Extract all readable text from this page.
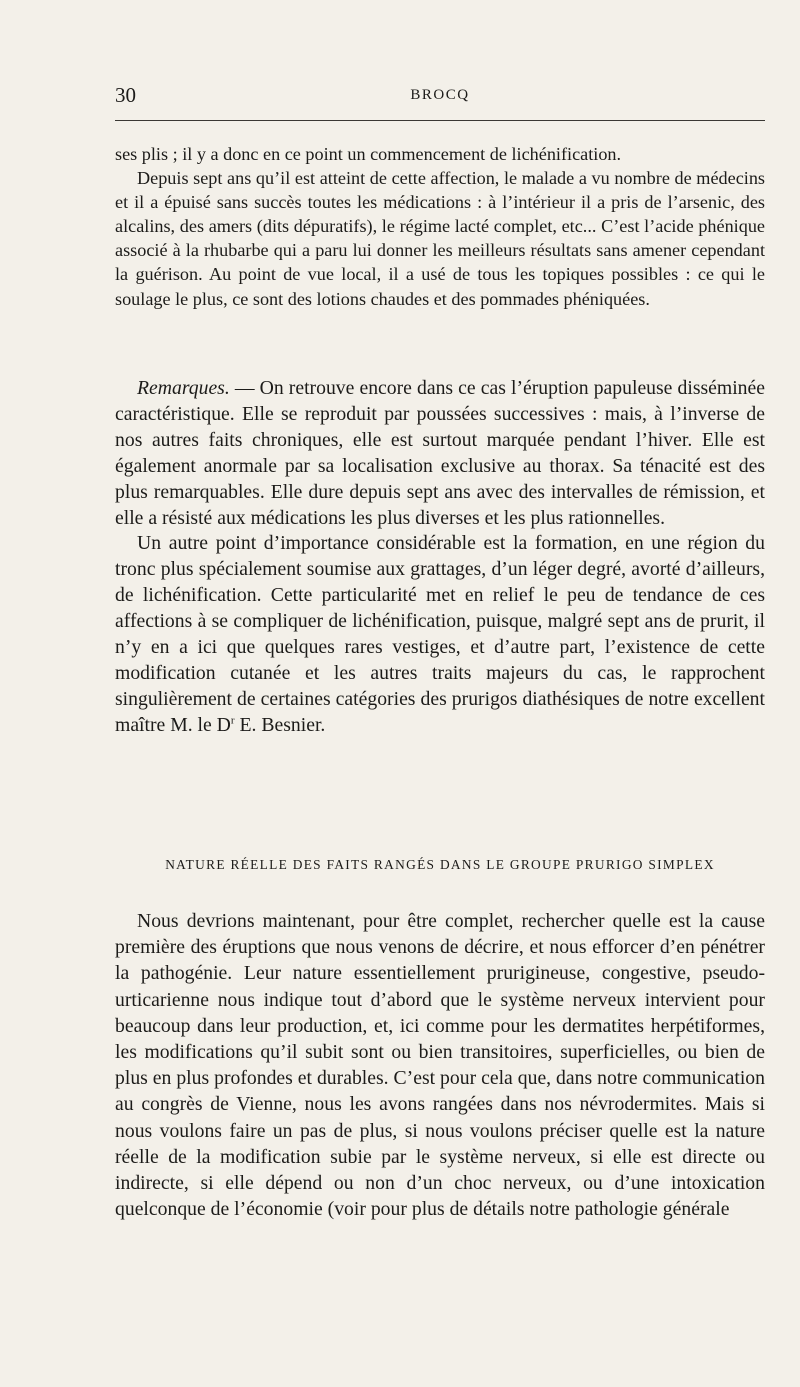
30	BROCQ

ses plis ; il y a donc en ce point un commencement de lichénification.

Depuis sept ans qu’il est atteint de cette affection, le malade a vu nombre de médecins et il a épuisé sans succès toutes les médications : à l’intérieur il a pris de l’arsenic, des alcalins, des amers (dits dépuratifs), le régime lacté complet, etc... C’est l’acide phénique associé à la rhubarbe qui a paru lui donner les meilleurs résultats sans amener cependant la guérison. Au point de vue local, il a usé de tous les topiques possibles : ce qui le soulage le plus, ce sont des lotions chaudes et des pommades phéniquées.

Remarques. — On retrouve encore dans ce cas l’éruption papuleuse disséminée caractéristique. Elle se reproduit par poussées successives : mais, à l’inverse de nos autres faits chroniques, elle est surtout marquée pendant l’hiver. Elle est également anormale par sa localisation exclusive au thorax. Sa ténacité est des plus remarquables. Elle dure depuis sept ans avec des intervalles de rémission, et elle a résisté aux médications les plus diverses et les plus rationnelles.

Un autre point d’importance considérable est la formation, en une région du tronc plus spécialement soumise aux grattages, d’un léger degré, avorté d’ailleurs, de lichénification. Cette particularité met en relief le peu de tendance de ces affections à se compliquer de lichénification, puisque, malgré sept ans de prurit, il n’y en a ici que quelques rares vestiges, et d’autre part, l’existence de cette modification cutanée et les autres traits majeurs du cas, le rapprochent singulièrement de certaines catégories des prurigos diathésiques de notre excellent maître M. le $D^r$ E. Besnier.

NATURE RÉELLE DES FAITS RANGÉS DANS LE GROUPE PRURIGO SIMPLEX

Nous devrions maintenant, pour être complet, rechercher quelle est la cause première des éruptions que nous venons de décrire, et nous efforcer d’en pénétrer la pathogénie. Leur nature essentiellement prurigineuse, congestive, pseudo-urticarienne nous indique tout d’abord que le système nerveux intervient pour beaucoup dans leur production, et, ici comme pour les dermatites herpétiformes, les modifications qu’il subit sont ou bien transitoires, superficielles, ou bien de plus en plus profondes et durables. C’est pour cela que, dans notre communication au congrès de Vienne, nous les avons rangées dans nos névrodermites. Mais si nous voulons faire un pas de plus, si nous voulons préciser quelle est la nature réelle de la modification subie par le système nerveux, si elle est directe ou indirecte, si elle dépend ou non d’un choc nerveux, ou d’une intoxication quelconque de l’économie (voir pour plus de détails notre pathologie générale
